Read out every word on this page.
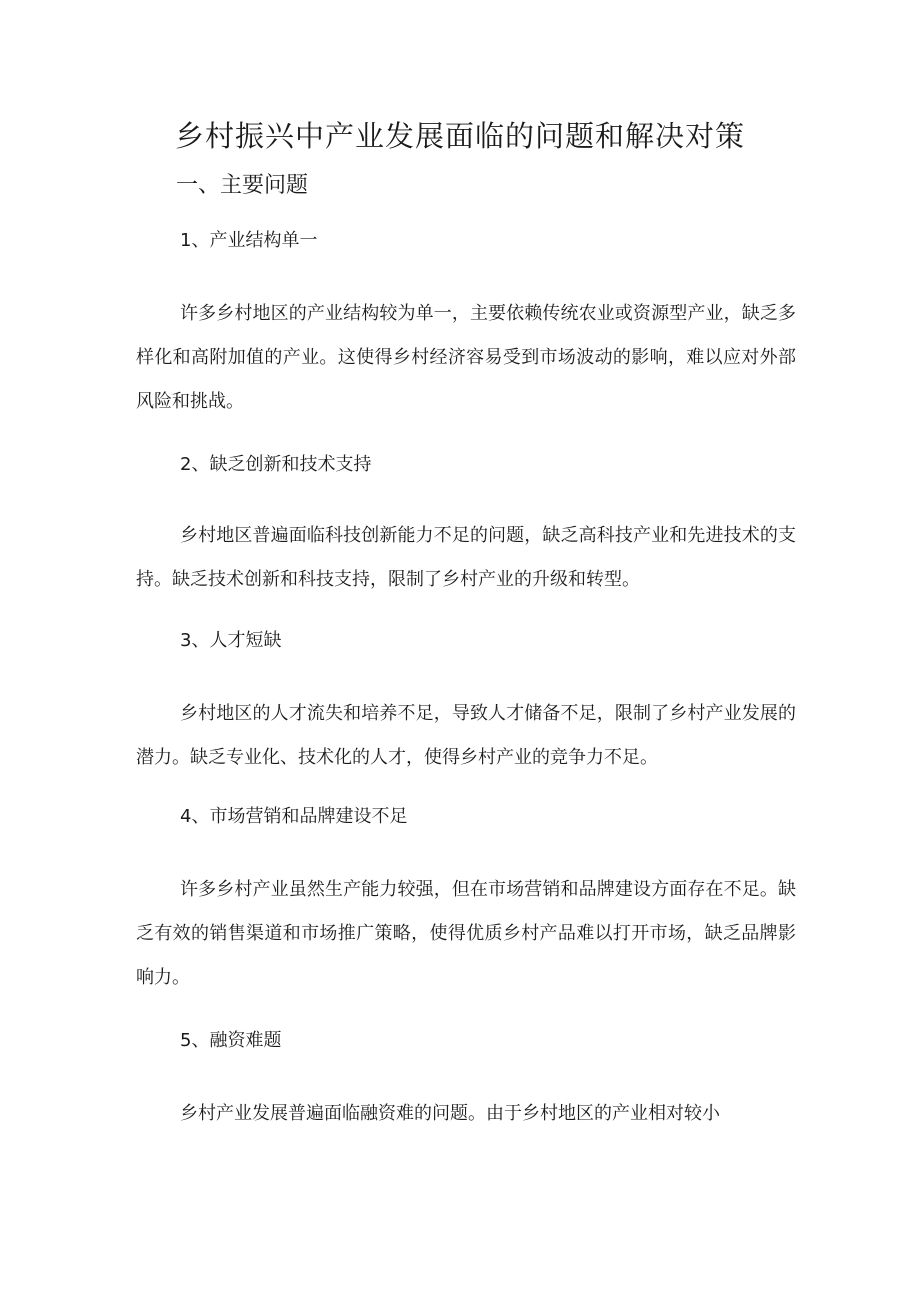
乡村振兴中产业发展面临的问题和解决对策
一、主要问题

1、产业结构单一

许多乡村地区的产业结构较为单一，主要依赖传统农业或资源型产业，缺乏多样化和高附加值的产业。这使得乡村经济容易受到市场波动的影响，难以应对外部风险和挑战。

2、缺乏创新和技术支持

乡村地区普遍面临科技创新能力不足的问题，缺乏高科技产业和先进技术的支持。缺乏技术创新和科技支持，限制了乡村产业的升级和转型。

3、人才短缺

乡村地区的人才流失和培养不足，导致人才储备不足，限制了乡村产业发展的潜力。缺乏专业化、技术化的人才，使得乡村产业的竞争力不足。

4、市场营销和品牌建设不足

许多乡村产业虽然生产能力较强，但在市场营销和品牌建设方面存在不足。缺乏有效的销售渠道和市场推广策略，使得优质乡村产品难以打开市场，缺乏品牌影响力。

5、融资难题

乡村产业发展普遍面临融资难的问题。由于乡村地区的产业相对较小
